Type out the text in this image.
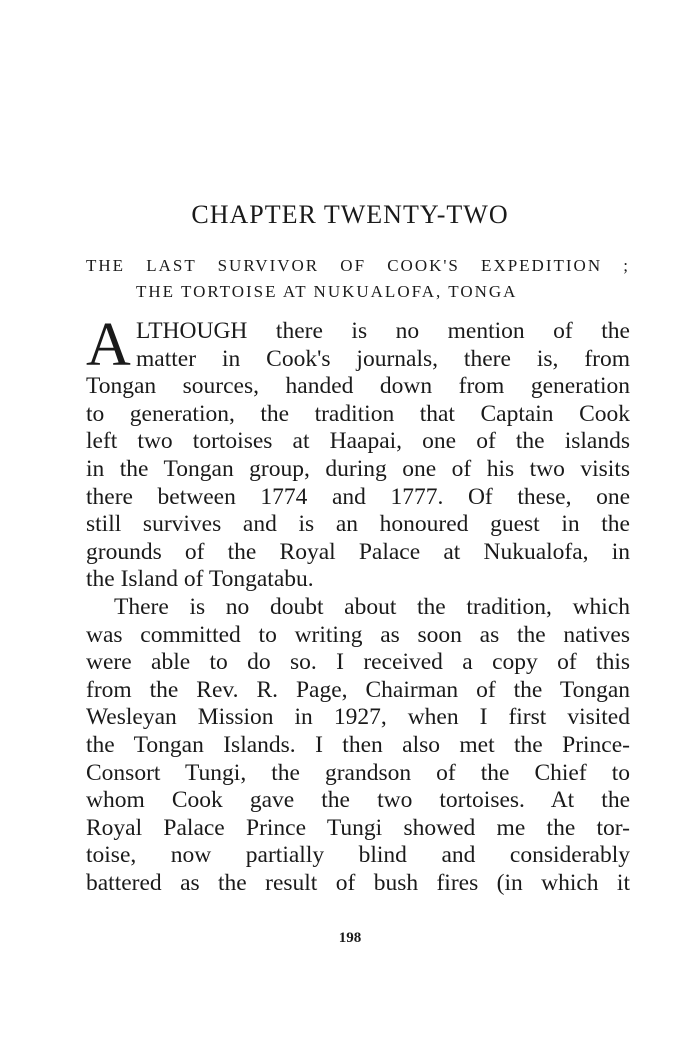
CHAPTER TWENTY-TWO
THE LAST SURVIVOR OF COOK'S EXPEDITION ;
THE TORTOISE AT NUKUALOFA, TONGA

A LTHOUGH there is no mention of the
matter in Cook's journals, there is, from
Tongan sources, handed down from generation
to generation, the tradition that Captain Cook
left two tortoises at Haapai, one of the islands
in the Tongan group, during one of his two visits
there between 1774 and 1777. Of these, one
still survives and is an honoured guest in the
grounds of the Royal Palace at Nukualofa, in
the Island of Tongatabu.

There is no doubt about the tradition, which
was committed to writing as soon as the natives
were able to do so. I received a copy of this
from the Rev. R. Page, Chairman of the Tongan
Wesleyan Mission in 1927, when I first visited
the Tongan Islands. I then also met the Prince-
Consort Tungi, the grandson of the Chief to
whom Cook gave the two tortoises. At the
Royal Palace Prince Tungi showed me the tor-
toise, now partially blind and considerably
battered as the result of bush fires (in which it

198
